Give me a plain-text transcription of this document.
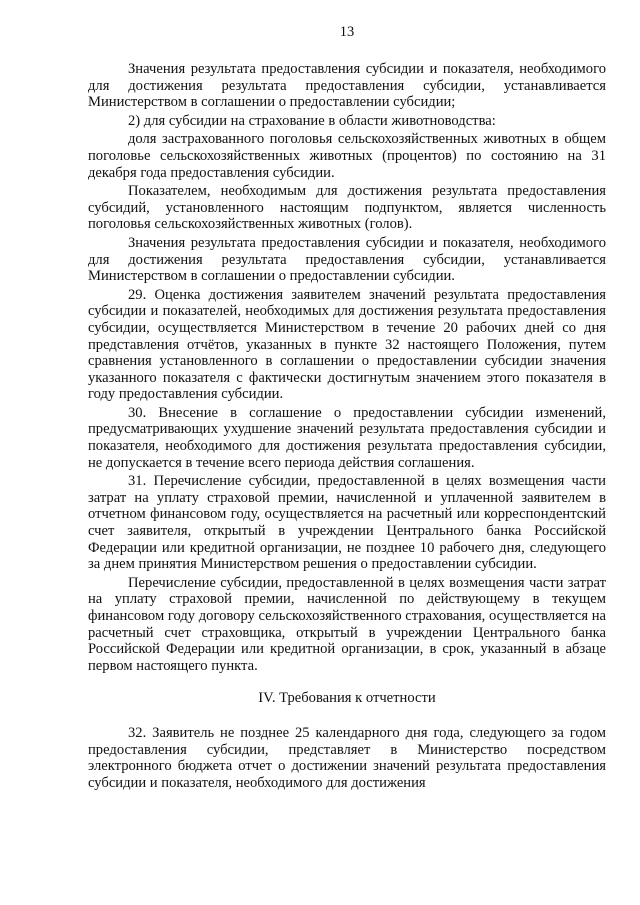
13

Значения результата предоставления субсидии и показателя, необходимого для достижения результата предоставления субсидии, устанавливается Министерством в соглашении о предоставлении субсидии;

2) для субсидии на страхование в области животноводства:

доля застрахованного поголовья сельскохозяйственных животных в общем поголовье сельскохозяйственных животных (процентов) по состоянию на 31 декабря года предоставления субсидии.

Показателем, необходимым для достижения результата предоставления субсидий, установленного настоящим подпунктом, является численность поголовья сельскохозяйственных животных (голов).

Значения результата предоставления субсидии и показателя, необходимого для достижения результата предоставления субсидии, устанавливается Министерством в соглашении о предоставлении субсидии.

29. Оценка достижения заявителем значений результата предоставления субсидии и показателей, необходимых для достижения результата предоставления субсидии, осуществляется Министерством в течение 20 рабочих дней со дня представления отчётов, указанных в пункте 32 настоящего Положения, путем сравнения установленного в соглашении о предоставлении субсидии значения указанного показателя с фактически достигнутым значением этого показателя в году предоставления субсидии.

30. Внесение в соглашение о предоставлении субсидии изменений, предусматривающих ухудшение значений результата предоставления субсидии и показателя, необходимого для достижения результата предоставления субсидии, не допускается в течение всего периода действия соглашения.

31. Перечисление субсидии, предоставленной в целях возмещения части затрат на уплату страховой премии, начисленной и уплаченной заявителем в отчетном финансовом году, осуществляется на расчетный или корреспондентский счет заявителя, открытый в учреждении Центрального банка Российской Федерации или кредитной организации, не позднее 10 рабочего дня, следующего за днем принятия Министерством решения о предоставлении субсидии.

Перечисление субсидии, предоставленной в целях возмещения части затрат на уплату страховой премии, начисленной по действующему в текущем финансовом году договору сельскохозяйственного страхования, осуществляется на расчетный счет страховщика, открытый в учреждении Центрального банка Российской Федерации или кредитной организации, в срок, указанный в абзаце первом настоящего пункта.

IV. Требования к отчетности

32. Заявитель не позднее 25 календарного дня года, следующего за годом предоставления субсидии, представляет в Министерство посредством электронного бюджета отчет о достижении значений результата предоставления субсидии и показателя, необходимого для достижения
